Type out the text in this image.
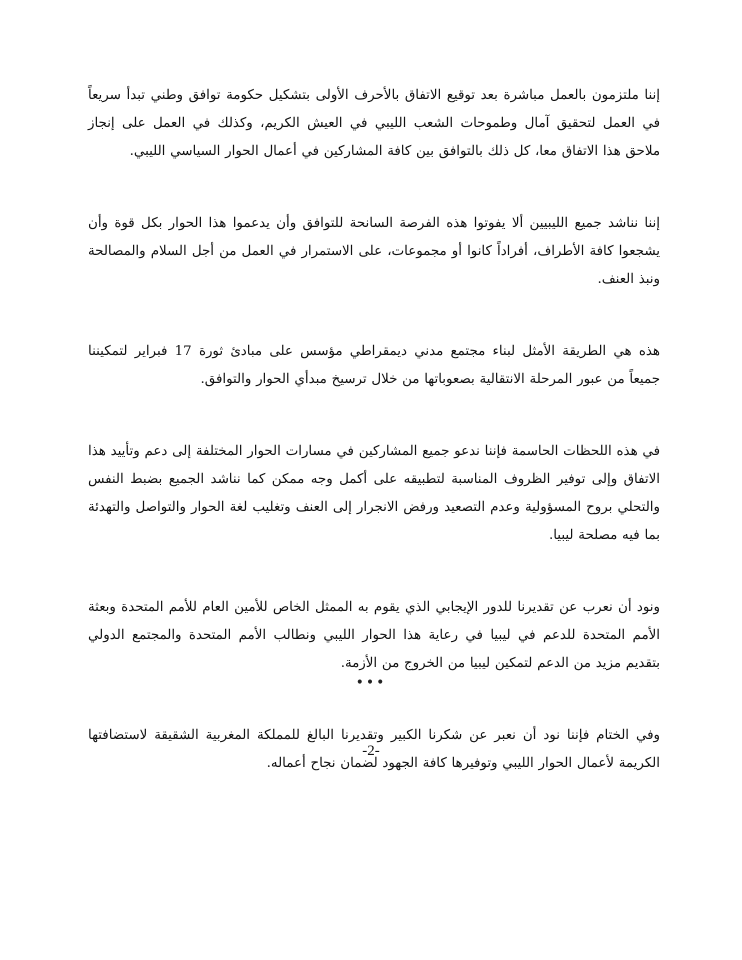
إننا ملتزمون بالعمل مباشرة بعد توقيع الاتفاق بالأحرف الأولى بتشكيل حكومة توافق وطني تبدأ سريعاً في العمل لتحقيق آمال وطموحات الشعب الليبي في العيش الكريم، وكذلك في العمل على إنجاز ملاحق هذا الاتفاق معا، كل ذلك بالتوافق بين كافة المشاركين في أعمال الحوار السياسي الليبي.

إننا نناشد جميع الليبيين ألا يفوتوا هذه الفرصة السانحة للتوافق وأن يدعموا هذا الحوار بكل قوة وأن يشجعوا كافة الأطراف، أفراداً كانوا أو مجموعات، على الاستمرار في العمل من أجل السلام والمصالحة ونبذ العنف.

هذه هي الطريقة الأمثل لبناء مجتمع مدني ديمقراطي مؤسس على مبادئ ثورة 17 فبراير لتمكيننا جميعاً من عبور المرحلة الانتقالية بصعوباتها من خلال ترسيخ مبدأي الحوار والتوافق.

في هذه اللحظات الحاسمة فإننا ندعو جميع المشاركين في مسارات الحوار المختلفة إلى دعم وتأييد هذا الاتفاق وإلى توفير الظروف المناسبة لتطبيقه على أكمل وجه ممكن كما نناشد الجميع بضبط النفس والتحلي بروح المسؤولية وعدم التصعيد ورفض الانجرار إلى العنف وتغليب لغة الحوار والتواصل والتهدئة بما فيه مصلحة ليبيا.

ونود أن نعرب عن تقديرنا للدور الإيجابي الذي يقوم به الممثل الخاص للأمين العام للأمم المتحدة وبعثة الأمم المتحدة للدعم في ليبيا في رعاية هذا الحوار الليبي ونطالب الأمم المتحدة والمجتمع الدولي بتقديم مزيد من الدعم لتمكين ليبيا من الخروج من الأزمة.

وفي الختام فإننا نود أن نعبر عن شكرنا الكبير وتقديرنا البالغ للمملكة المغربية الشقيقة لاستضافتها الكريمة لأعمال الحوار الليبي وتوفيرها كافة الجهود لضمان نجاح أعماله.

•••
-2-
